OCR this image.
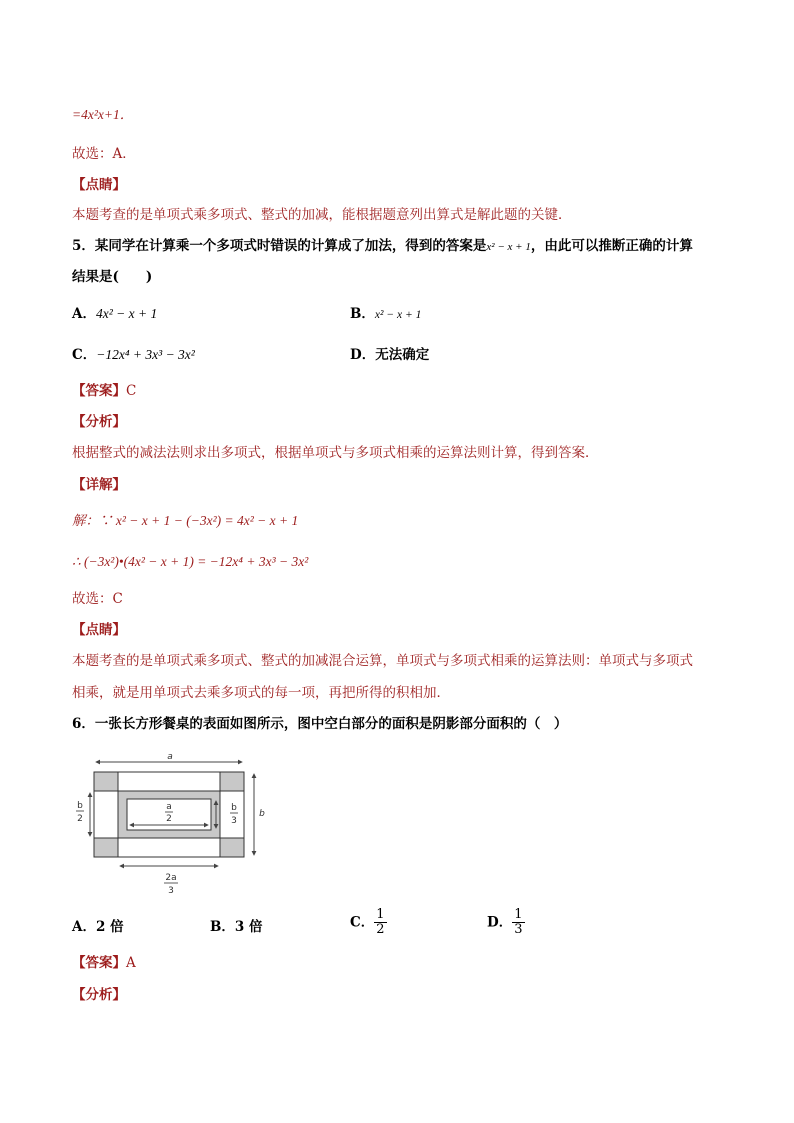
=4x²x+1．
故选：A．
【点睛】
本题考查的是单项式乘多项式、整式的加减，能根据题意列出算式是解此题的关键．
5．某同学在计算乘一个多项式时错误的计算成了加法，得到的答案是x² − x + 1，由此可以推断正确的计算
结果是(　　)
A．4x² − x + 1	B．x² − x + 1
C．−12x⁴ + 3x³ − 3x²	D．无法确定
【答案】C
【分析】
根据整式的减法法则求出多项式，根据单项式与多项式相乘的运算法则计算，得到答案．
【详解】
解：∵ x² − x + 1 − (−3x²) = 4x² − x + 1
∴ (−3x²)•(4x² − x + 1) = −12x⁴ + 3x³ − 3x²
故选：C
【点睛】
本题考查的是单项式乘多项式、整式的加减混合运算，单项式与多项式相乘的运算法则：单项式与多项式
相乘，就是用单项式去乘多项式的每一项，再把所得的积相加．
6．一张长方形餐桌的表面如图所示，图中空白部分的面积是阴影部分面积的（　）
a
b
b
2
b
3
a
2
2a
3
A．2 倍	B．3 倍	C． $\frac{1}{2}$	D． $\frac{1}{3}$
【答案】A
【分析】
